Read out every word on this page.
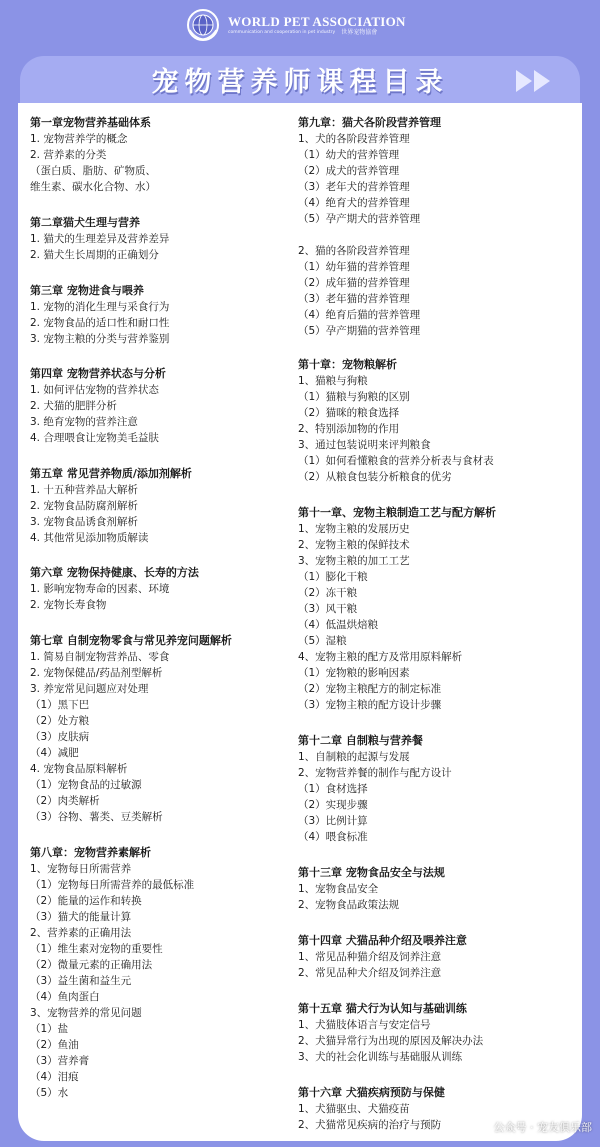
WORLD PET ASSOCIATION
communication and cooperation in pet industry 世界宠物協會
宠物营养师课程目录
第一章宠物营养基础体系
1. 宠物营养学的概念
2. 营养素的分类
（蛋白质、脂肪、矿物质、
维生素、碳水化合物、水）
第二章猫犬生理与营养
1. 猫犬的生理差异及营养差异
2. 猫犬生长周期的正确划分
第三章 宠物进食与喂养
1. 宠物的消化生理与采食行为
2. 宠物食品的适口性和耐口性
3. 宠物主粮的分类与营养鉴别
第四章 宠物营养状态与分析
1. 如何评估宠物的营养状态
2. 犬猫的肥胖分析
3. 绝育宠物的营养注意
4. 合理喂食让宠物美毛益肤
第五章 常见营养物质/添加剂解析
1. 十五种营养品大解析
2. 宠物食品防腐剂解析
3. 宠物食品诱食剂解析
4. 其他常见添加物质解读
第六章 宠物保持健康、长寿的方法
1. 影响宠物寿命的因素、环境
2. 宠物长寿食物
第七章 自制宠物零食与常见养宠问题解析
1. 简易自制宠物营养品、零食
2. 宠物保健品/药品剂型解析
3. 养宠常见问题应对处理
（1）黑下巴
（2）处方粮
（3）皮肤病
（4）减肥
4. 宠物食品原料解析
（1）宠物食品的过敏源
（2）肉类解析
（3）谷物、薯类、豆类解析
第八章：宠物营养素解析
1、宠物每日所需营养
（1）宠物每日所需营养的最低标准
（2）能量的运作和转换
（3）猫犬的能量计算
2、营养素的正确用法
（1）维生素对宠物的重要性
（2）微量元素的正确用法
（3）益生菌和益生元
（4）鱼肉蛋白
3、宠物营养的常见问题
（1）盐
（2）鱼油
（3）营养膏
（4）泪痕
（5）水
第九章：猫犬各阶段营养管理
1、犬的各阶段营养管理
（1）幼犬的营养管理
（2）成犬的营养管理
（3）老年犬的营养管理
（4）绝育犬的营养管理
（5）孕产期犬的营养管理
2、猫的各阶段营养管理
（1）幼年猫的营养管理
（2）成年猫的营养管理
（3）老年猫的营养管理
（4）绝育后猫的营养管理
（5）孕产期猫的营养管理
第十章：宠物粮解析
1、猫粮与狗粮
（1）猫粮与狗粮的区别
（2）猫咪的粮食选择
2、特别添加物的作用
3、通过包装说明来评判粮食
（1）如何看懂粮食的营养分析表与食材表
（2）从粮食包装分析粮食的优劣
第十一章、宠物主粮制造工艺与配方解析
1、宠物主粮的发展历史
2、宠物主粮的保鲜技术
3、宠物主粮的加工工艺
（1）膨化干粮
（2）冻干粮
（3）风干粮
（4）低温烘焙粮
（5）湿粮
4、宠物主粮的配方及常用原料解析
（1）宠物粮的影响因素
（2）宠物主粮配方的制定标准
（3）宠物主粮的配方设计步骤
第十二章 自制粮与营养餐
1、自制粮的起源与发展
2、宠物营养餐的制作与配方设计
（1）食材选择
（2）实现步骤
（3）比例计算
（4）喂食标准
第十三章 宠物食品安全与法规
1、宠物食品安全
2、宠物食品政策法规
第十四章 犬猫品种介绍及喂养注意
1、常见品种猫介绍及饲养注意
2、常见品种犬介绍及饲养注意
第十五章 猫犬行为认知与基础训练
1、犬猫肢体语言与安定信号
2、犬猫异常行为出现的原因及解决办法
3、犬的社会化训练与基础服从训练
第十六章 犬猫疾病预防与保健
1、犬猫驱虫、犬猫疫苗
2、犬猫常见疾病的治疗与预防	公众号 · 宠友俱乐部
